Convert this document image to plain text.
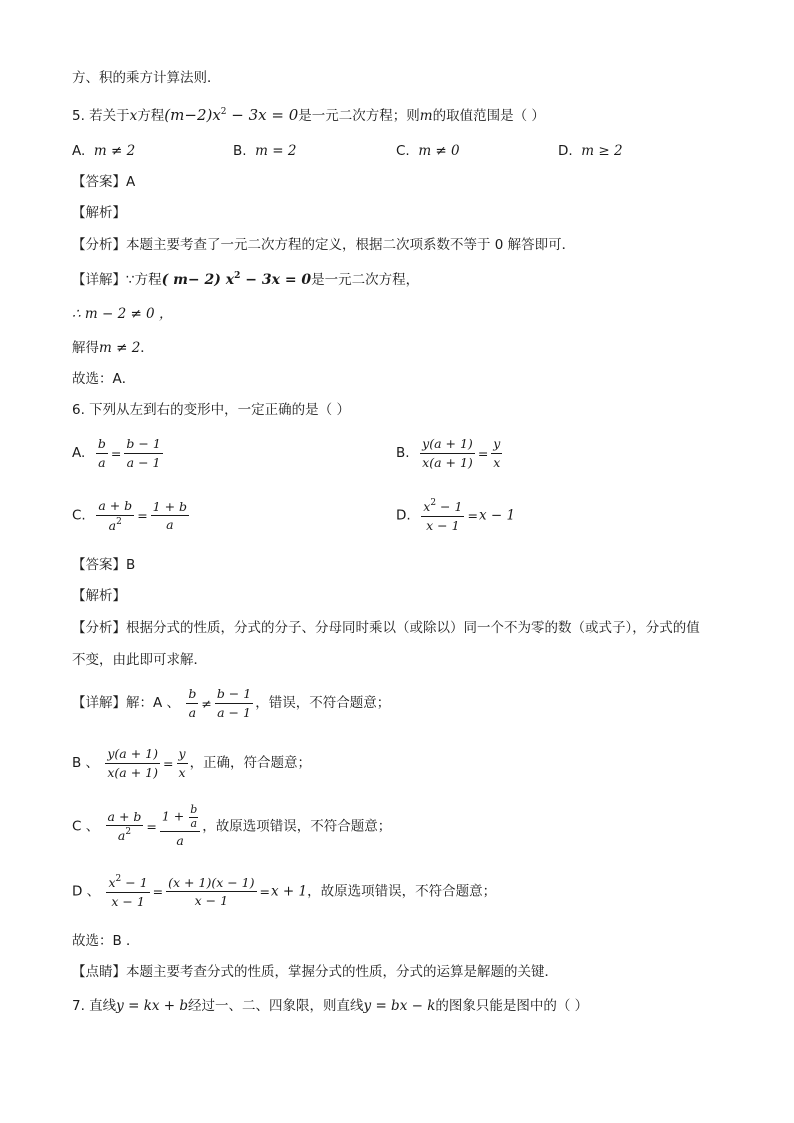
方、积的乘方计算法则．
5. 若关于x方程$(m-2)x^2 - 3x = 0$是一元二次方程；则m的取值范围是（ ）
A. m ≠ 2	B. m = 2	C. m ≠ 0	D. m ≥ 2
【答案】A
【解析】
【分析】本题主要考查了一元二次方程的定义，根据二次项系数不等于 0 解答即可．
【详解】∵方程( m− 2) $x^2 - 3x = 0$是一元二次方程，
∴ m − 2 ≠ 0 ，
解得m ≠ 2．
故选：A．
6. 下列从左到右的变形中，一定正确的是（ ）
A. $\frac{b}{a} = \frac{b - 1}{a - 1}$	B. $\frac{y(a + 1)}{x(a + 1)} = \frac{y}{x}$
C. $\frac{a + b}{a^2} = \frac{1 + b}{a}$	D. $\frac{x^2 - 1}{x - 1} =x - 1$
【答案】B
【解析】
【分析】根据分式的性质，分式的分子、分母同时乘以（或除以）同一个不为零的数（或式子），分式的值
不变，由此即可求解．
【详解】解：A 、 $\frac{b}{a} \ne \frac{b - 1}{a - 1}$ ，错误，不符合题意；
B 、 $\frac{y(a + 1)}{x(a + 1)} = \frac{y}{x}$ ，正确，符合题意；
C 、 $\frac{a + b}{a^2} = \frac{1 + \frac{b}{a}}{a}$ ，故原选项错误，不符合题意；
D 、 $\frac{x^2 - 1}{x - 1} = \frac{(x + 1)(x - 1)}{x - 1} =x + 1$，故原选项错误，不符合题意；
故选：B ．
【点睛】本题主要考查分式的性质，掌握分式的性质，分式的运算是解题的关键．
7. 直线y = kx + b经过一、二、四象限，则直线y = bx − k的图象只能是图中的（ ）
